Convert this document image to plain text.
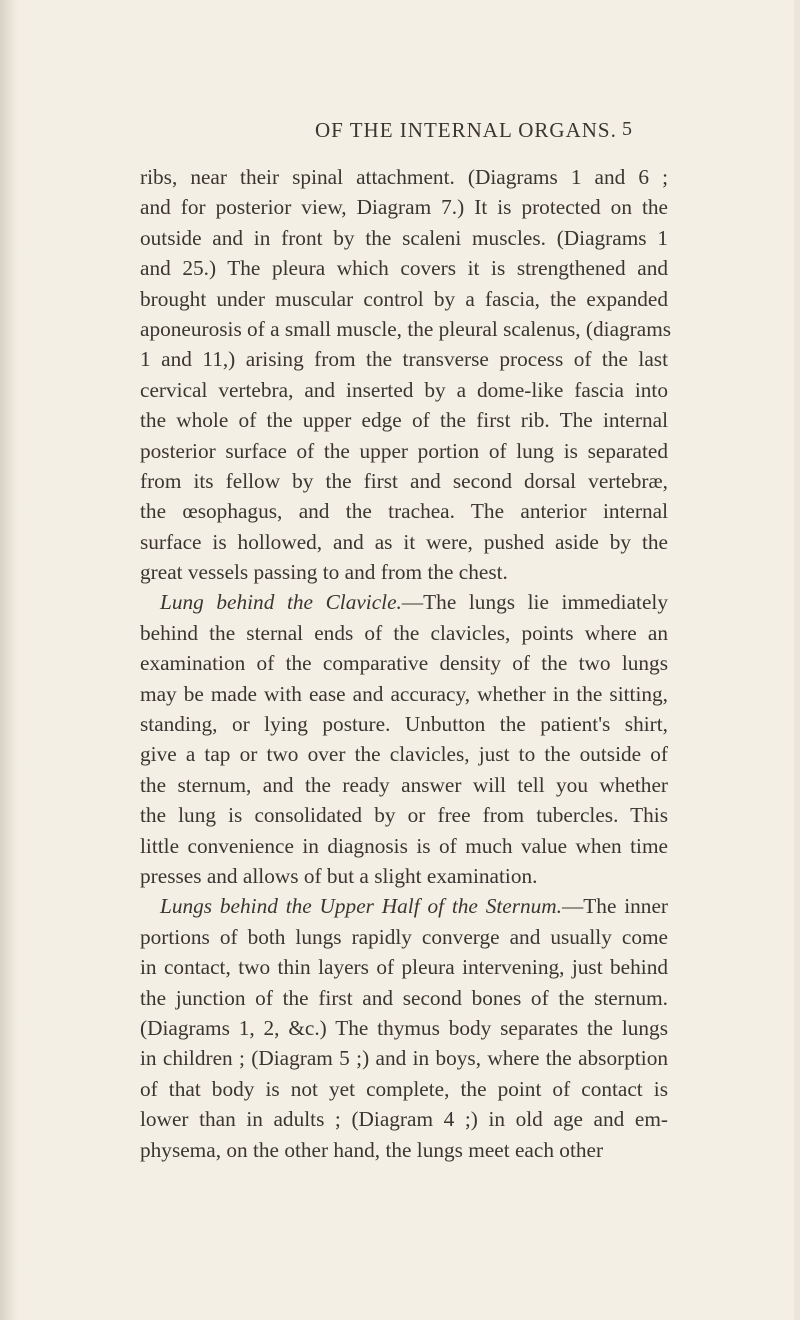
OF THE INTERNAL ORGANS. 5
ribs, near their spinal attachment. (Diagrams 1 and 6 ;
and for posterior view, Diagram 7.) It is protected on the
outside and in front by the scaleni muscles. (Diagrams 1
and 25.) The pleura which covers it is strengthened and
brought under muscular control by a fascia, the expanded
aponeurosis of a small muscle, the pleural scalenus, (diagrams
1 and 11,) arising from the transverse process of the last
cervical vertebra, and inserted by a dome-like fascia into
the whole of the upper edge of the first rib. The internal
posterior surface of the upper portion of lung is separated
from its fellow by the first and second dorsal vertebræ,
the œsophagus, and the trachea. The anterior internal
surface is hollowed, and as it were, pushed aside by the
great vessels passing to and from the chest.
Lung behind the Clavicle.—The lungs lie immediately
behind the sternal ends of the clavicles, points where an
examination of the comparative density of the two lungs
may be made with ease and accuracy, whether in the sitting,
standing, or lying posture. Unbutton the patient's shirt,
give a tap or two over the clavicles, just to the outside of
the sternum, and the ready answer will tell you whether
the lung is consolidated by or free from tubercles. This
little convenience in diagnosis is of much value when time
presses and allows of but a slight examination.
Lungs behind the Upper Half of the Sternum.—The inner
portions of both lungs rapidly converge and usually come
in contact, two thin layers of pleura intervening, just behind
the junction of the first and second bones of the sternum.
(Diagrams 1, 2, &c.) The thymus body separates the lungs
in children ; (Diagram 5 ;) and in boys, where the absorption
of that body is not yet complete, the point of contact is
lower than in adults ; (Diagram 4 ;) in old age and em-
physema, on the other hand, the lungs meet each other
